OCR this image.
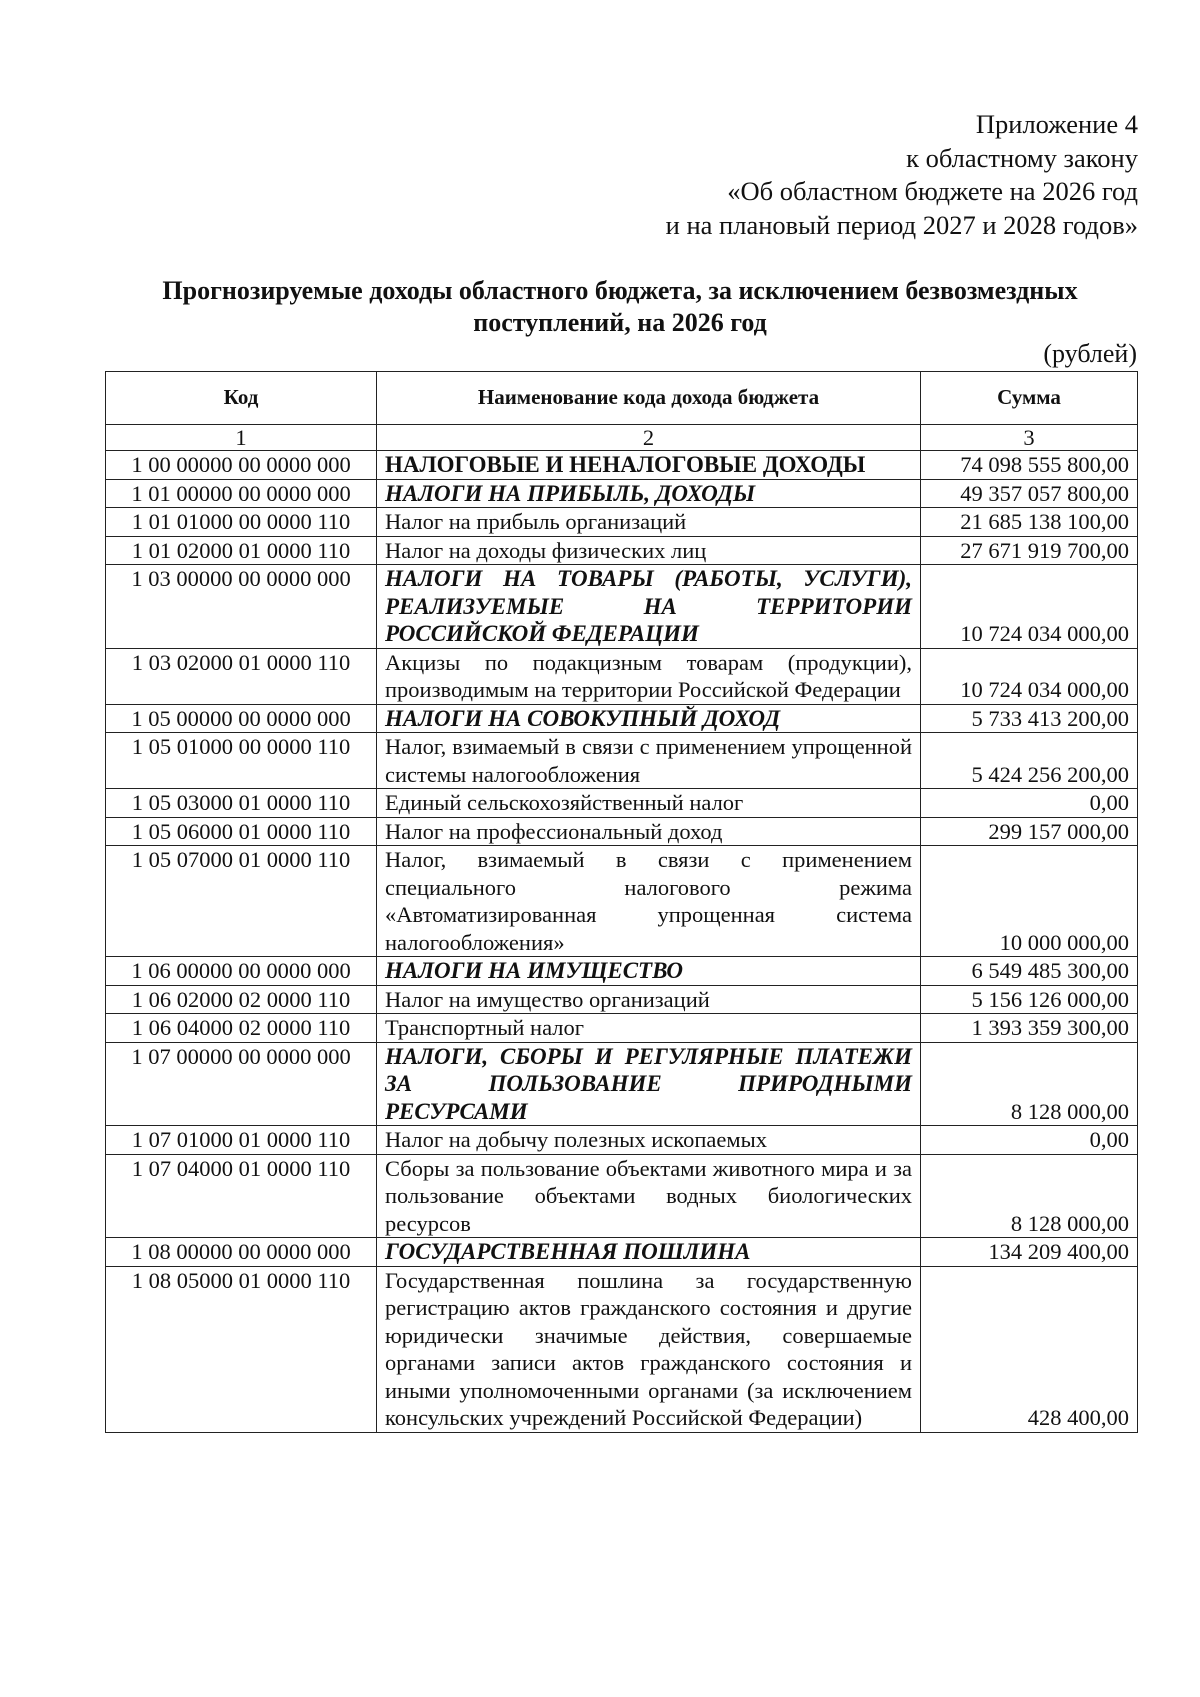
Приложение 4
к областному закону
«Об областном бюджете на 2026 год
и на плановый период 2027 и 2028 годов»
Прогнозируемые доходы областного бюджета, за исключением безвозмездных
поступлений, на 2026 год
(рублей)
Код	Наименование кода дохода бюджета	Сумма
1	2	3
1 00 00000 00 0000 000	НАЛОГОВЫЕ И НЕНАЛОГОВЫЕ ДОХОДЫ	74 098 555 800,00
1 01 00000 00 0000 000	НАЛОГИ НА ПРИБЫЛЬ, ДОХОДЫ	49 357 057 800,00
1 01 01000 00 0000 110	Налог на прибыль организаций	21 685 138 100,00
1 01 02000 01 0000 110	Налог на доходы физических лиц	27 671 919 700,00
1 03 00000 00 0000 000	НАЛОГИ НА ТОВАРЫ (РАБОТЫ, УСЛУГИ), РЕАЛИЗУЕМЫЕ НА ТЕРРИТОРИИ РОССИЙСКОЙ ФЕДЕРАЦИИ	10 724 034 000,00
1 03 02000 01 0000 110	Акцизы по подакцизным товарам (продукции), производимым на территории Российской Федерации	10 724 034 000,00
1 05 00000 00 0000 000	НАЛОГИ НА СОВОКУПНЫЙ ДОХОД	5 733 413 200,00
1 05 01000 00 0000 110	Налог, взимаемый в связи с применением упрощенной системы налогообложения	5 424 256 200,00
1 05 03000 01 0000 110	Единый сельскохозяйственный налог	0,00
1 05 06000 01 0000 110	Налог на профессиональный доход	299 157 000,00
1 05 07000 01 0000 110	Налог, взимаемый в связи с применением специального налогового режима «Автоматизированная упрощенная система налогообложения»	10 000 000,00
1 06 00000 00 0000 000	НАЛОГИ НА ИМУЩЕСТВО	6 549 485 300,00
1 06 02000 02 0000 110	Налог на имущество организаций	5 156 126 000,00
1 06 04000 02 0000 110	Транспортный налог	1 393 359 300,00
1 07 00000 00 0000 000	НАЛОГИ, СБОРЫ И РЕГУЛЯРНЫЕ ПЛАТЕЖИ ЗА ПОЛЬЗОВАНИЕ ПРИРОДНЫМИ РЕСУРСАМИ	8 128 000,00
1 07 01000 01 0000 110	Налог на добычу полезных ископаемых	0,00
1 07 04000 01 0000 110	Сборы за пользование объектами животного мира и за пользование объектами водных биологических ресурсов	8 128 000,00
1 08 00000 00 0000 000	ГОСУДАРСТВЕННАЯ ПОШЛИНА	134 209 400,00
1 08 05000 01 0000 110	Государственная пошлина за государственную регистрацию актов гражданского состояния и другие юридически значимые действия, совершаемые органами записи актов гражданского состояния и иными уполномоченными органами (за исключением консульских учреждений Российской Федерации)	428 400,00
